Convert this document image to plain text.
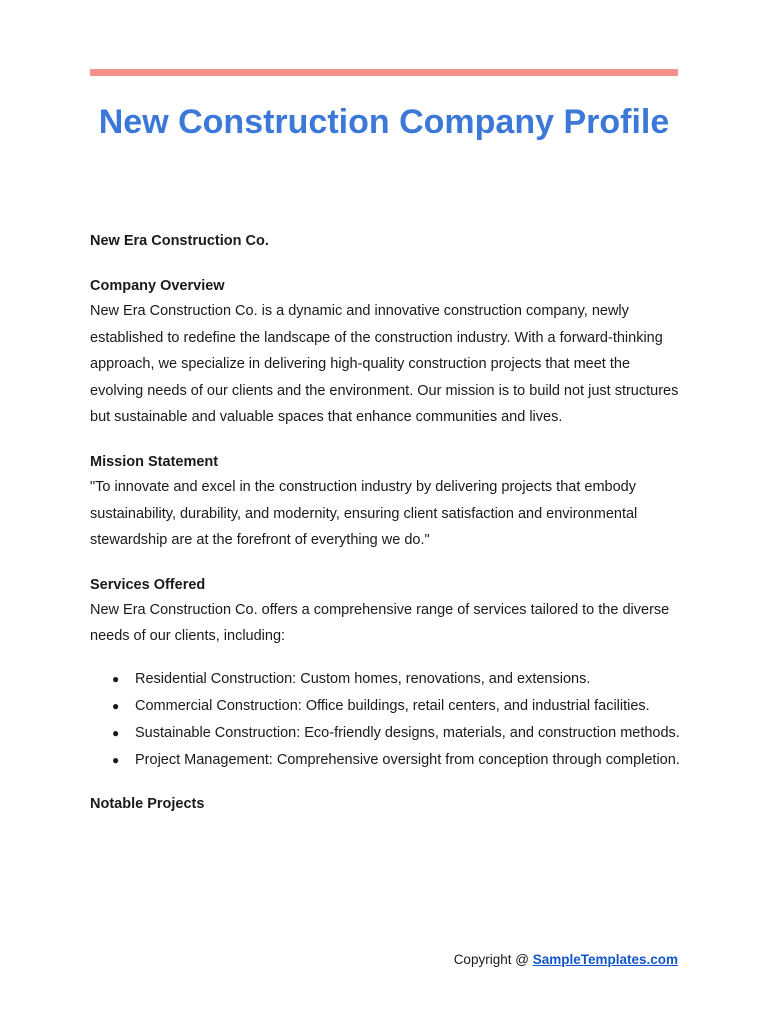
New Construction Company Profile

New Era Construction Co.

Company Overview

New Era Construction Co. is a dynamic and innovative construction company, newly established to redefine the landscape of the construction industry. With a forward-thinking approach, we specialize in delivering high-quality construction projects that meet the evolving needs of our clients and the environment. Our mission is to build not just structures but sustainable and valuable spaces that enhance communities and lives.

Mission Statement

"To innovate and excel in the construction industry by delivering projects that embody sustainability, durability, and modernity, ensuring client satisfaction and environmental stewardship are at the forefront of everything we do."

Services Offered

New Era Construction Co. offers a comprehensive range of services tailored to the diverse needs of our clients, including:

● Residential Construction: Custom homes, renovations, and extensions.
● Commercial Construction: Office buildings, retail centers, and industrial facilities.
● Sustainable Construction: Eco-friendly designs, materials, and construction methods.
● Project Management: Comprehensive oversight from conception through completion.

Notable Projects

Copyright @ SampleTemplates.com
